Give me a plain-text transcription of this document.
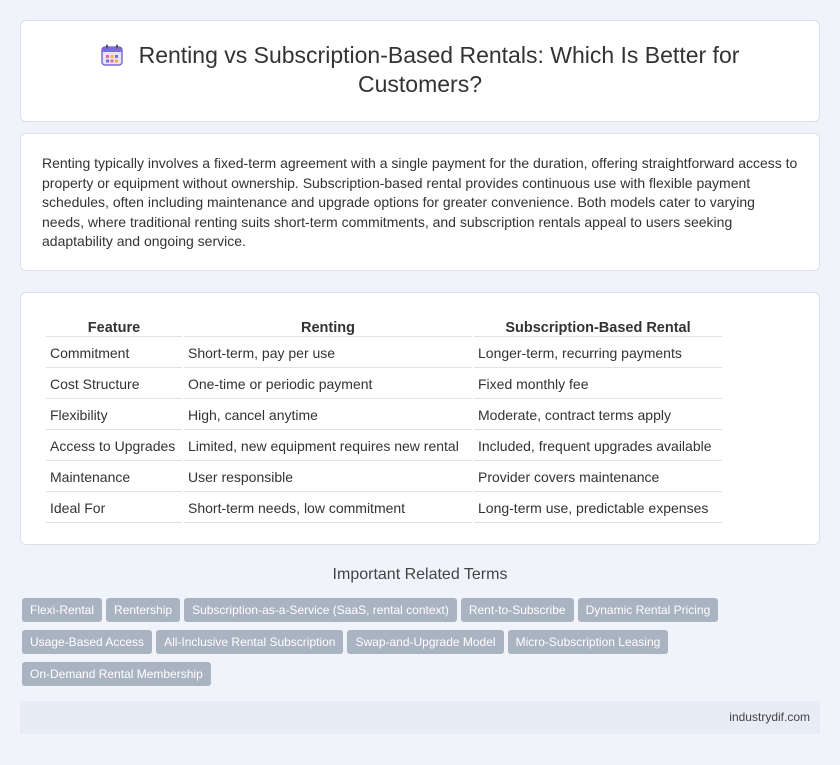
Renting vs Subscription-Based Rentals: Which Is Better for Customers?

Renting typically involves a fixed-term agreement with a single payment for the duration, offering straightforward access to property or equipment without ownership. Subscription-based rental provides continuous use with flexible payment schedules, often including maintenance and upgrade options for greater convenience. Both models cater to varying needs, where traditional renting suits short-term commitments, and subscription rentals appeal to users seeking adaptability and ongoing service.

Feature	Renting	Subscription-Based Rental
Commitment	Short-term, pay per use	Longer-term, recurring payments
Cost Structure	One-time or periodic payment	Fixed monthly fee
Flexibility	High, cancel anytime	Moderate, contract terms apply
Access to Upgrades	Limited, new equipment requires new rental	Included, frequent upgrades available
Maintenance	User responsible	Provider covers maintenance
Ideal For	Short-term needs, low commitment	Long-term use, predictable expenses
Important Related Terms
Flexi-Rental Rentership Subscription-as-a-Service (SaaS, rental context) Rent-to-Subscribe Dynamic Rental Pricing
Usage-Based Access All-Inclusive Rental Subscription Swap-and-Upgrade Model Micro-Subscription Leasing
On-Demand Rental Membership
industrydif.com
